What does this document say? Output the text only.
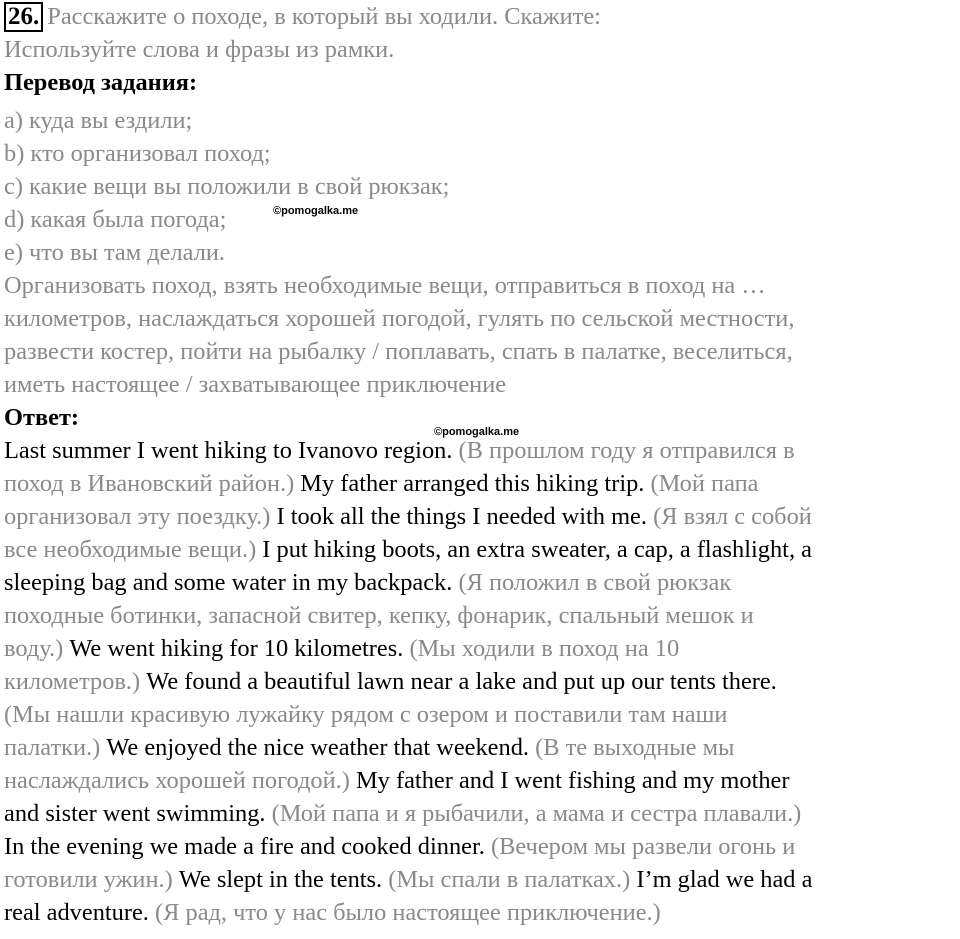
26. Расскажите о походе, в который вы ходили. Скажите:
Используйте слова и фразы из рамки.
Перевод задания:
a) куда вы ездили;
b) кто организовал поход;
c) какие вещи вы положили в свой рюкзак;
d) какая была погода;
e) что вы там делали.
Организовать поход, взять необходимые вещи, отправиться в поход на …
километров, наслаждаться хорошей погодой, гулять по сельской местности,
развести костер, пойти на рыбалку / поплавать, спать в палатке, веселиться,
иметь настоящее / захватывающее приключение
Ответ:
Last summer I went hiking to Ivanovo region. (В прошлом году я отправился в
поход в Ивановский район.) My father arranged this hiking trip. (Мой папа
организовал эту поездку.) I took all the things I needed with me. (Я взял с собой
все необходимые вещи.) I put hiking boots, an extra sweater, a cap, a flashlight, a
sleeping bag and some water in my backpack. (Я положил в свой рюкзак
походные ботинки, запасной свитер, кепку, фонарик, спальный мешок и
воду.) We went hiking for 10 kilometres. (Мы ходили в поход на 10
километров.) We found a beautiful lawn near a lake and put up our tents there.
(Мы нашли красивую лужайку рядом с озером и поставили там наши
палатки.) We enjoyed the nice weather that weekend. (В те выходные мы
наслаждались хорошей погодой.) My father and I went fishing and my mother
and sister went swimming. (Мой папа и я рыбачили, а мама и сестра плавали.)
In the evening we made a fire and cooked dinner. (Вечером мы развели огонь и
готовили ужин.) We slept in the tents. (Мы спали в палатках.) I’m glad we had a
real adventure. (Я рад, что у нас было настоящее приключение.)
©pomogalka.me
©pomogalka.me
